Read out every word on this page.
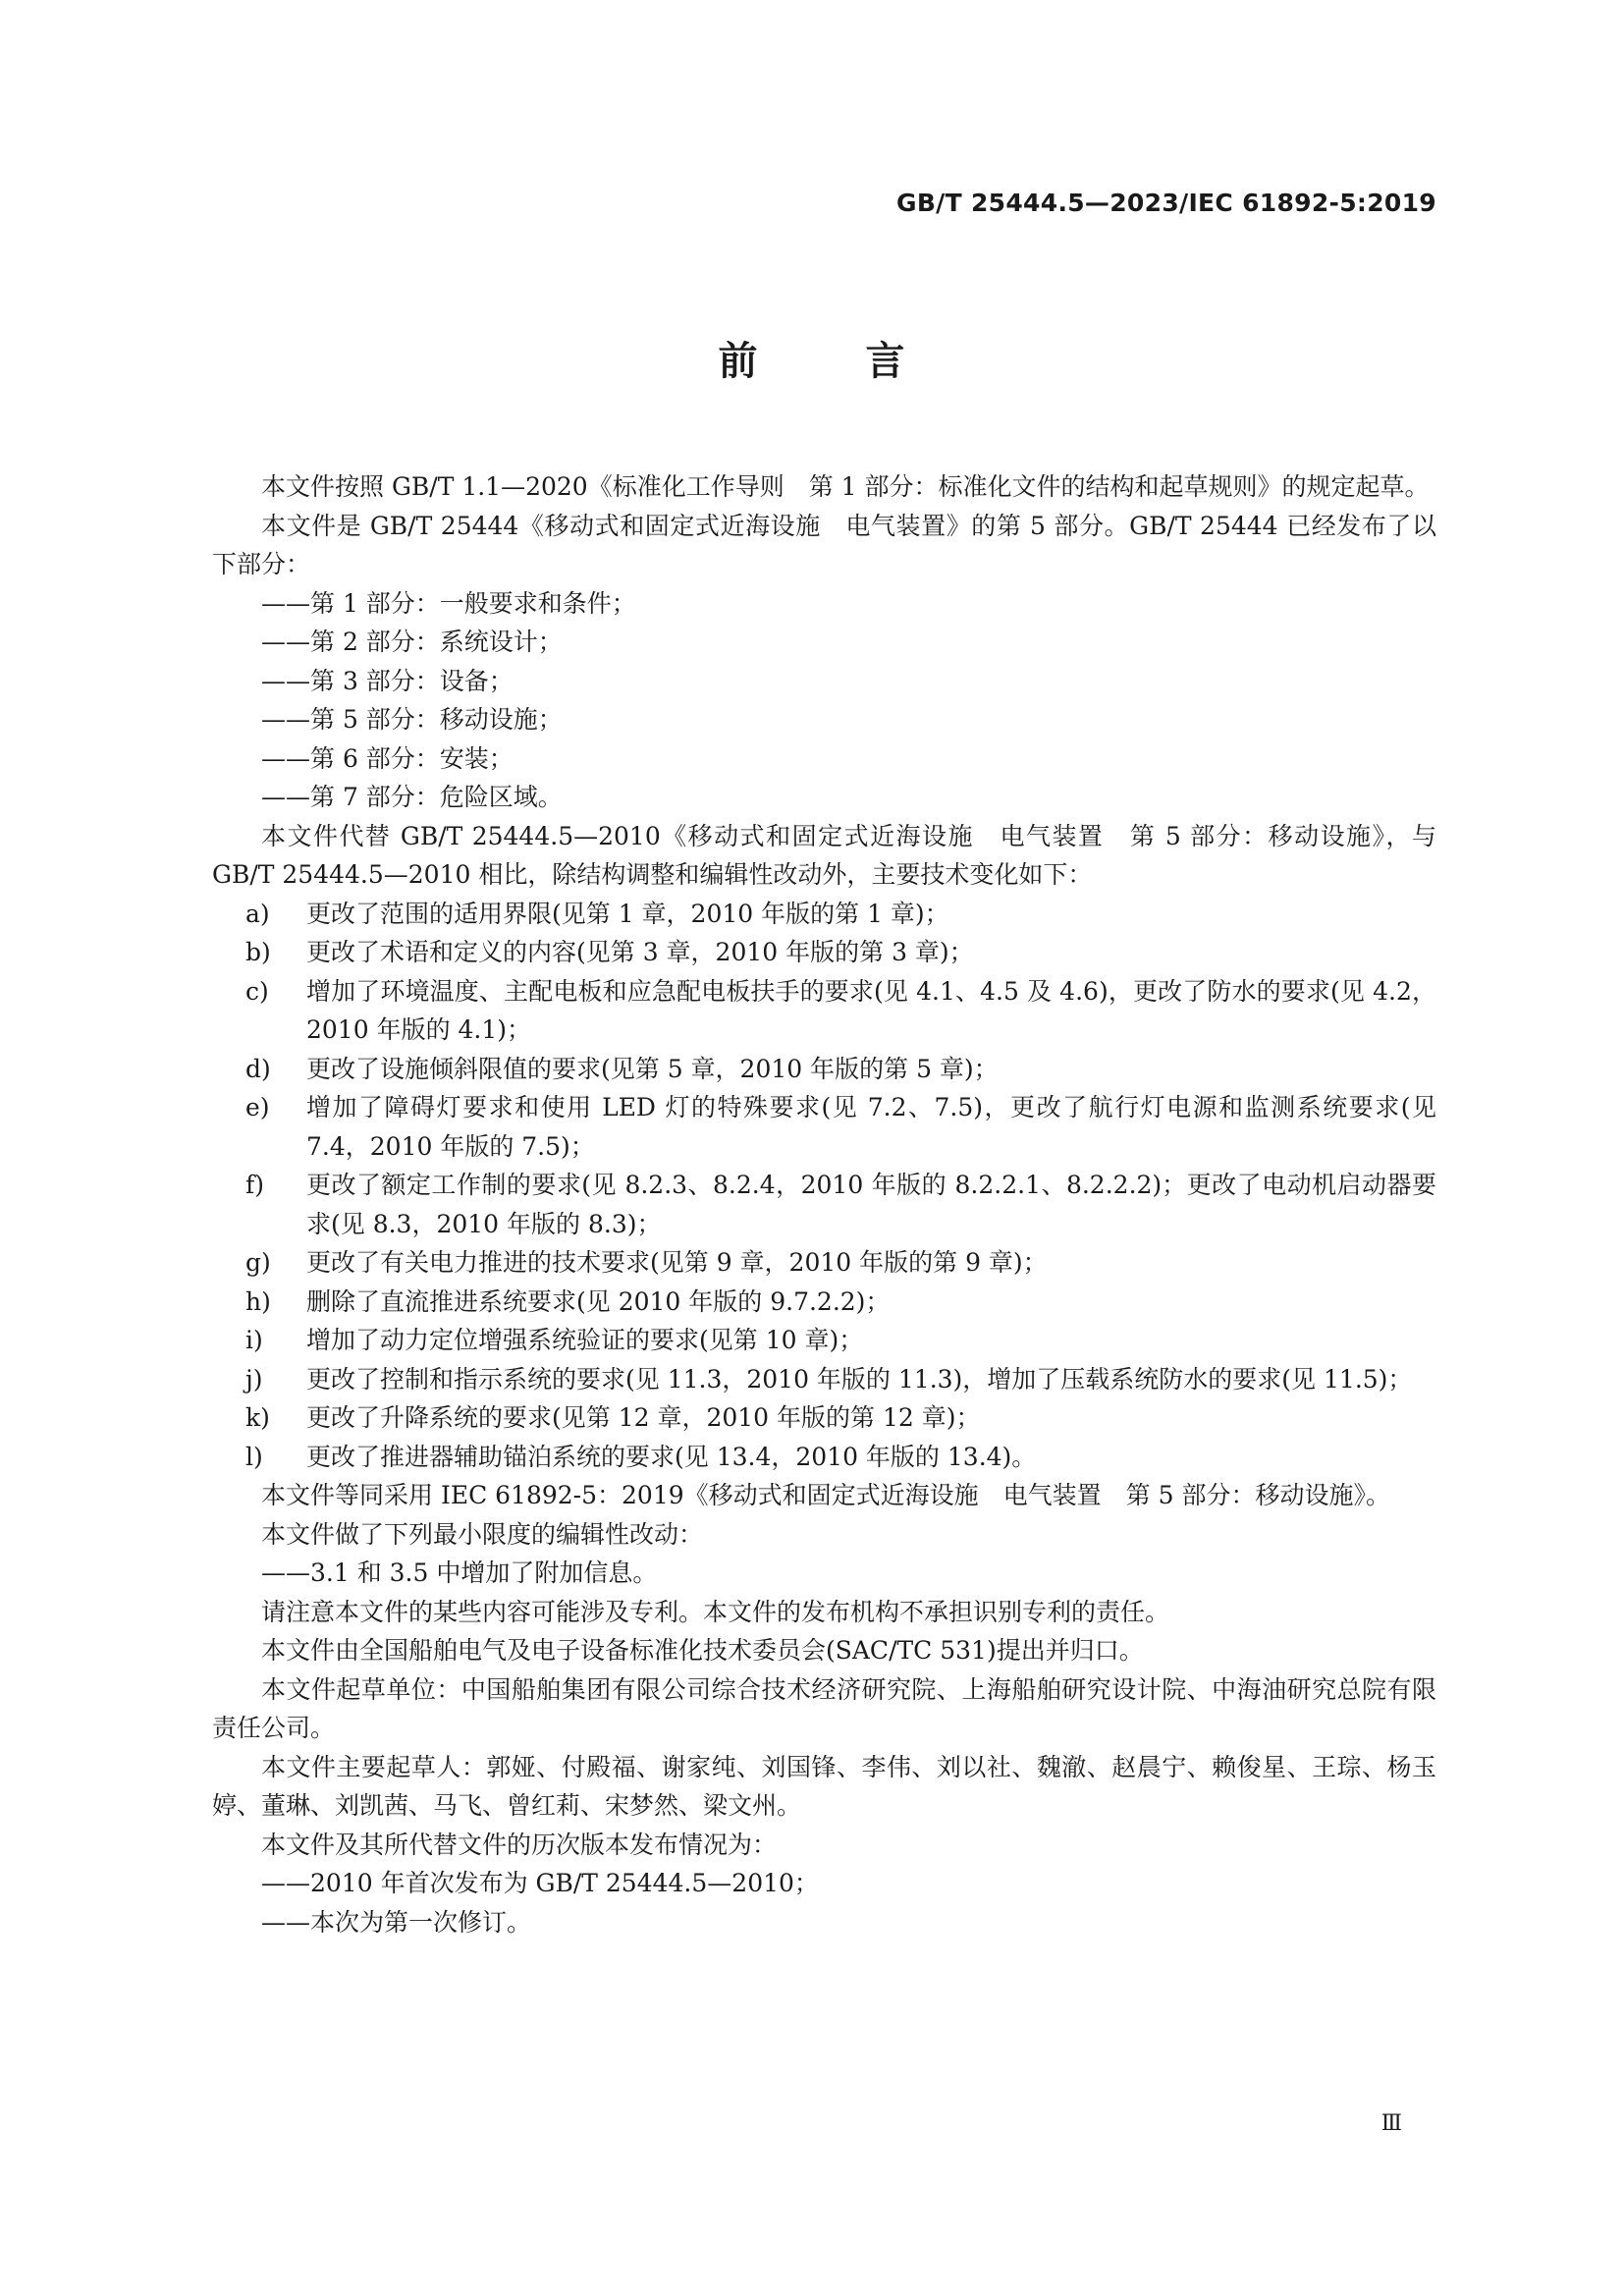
GB/T 25444.5—2023/IEC 61892-5:2019
前	言

本文件按照 GB/T 1.1—2020《标准化工作导则　第 1 部分：标准化文件的结构和起草规则》的规定起草。

本文件是 GB/T 25444《移动式和固定式近海设施　电气装置》的第 5 部分。GB/T 25444 已经发布了以下部分：

——第 1 部分：一般要求和条件；

——第 2 部分：系统设计；

——第 3 部分：设备；

——第 5 部分：移动设施；

——第 6 部分：安装；

——第 7 部分：危险区域。

本文件代替 GB/T 25444.5—2010《移动式和固定式近海设施　电气装置　第 5 部分：移动设施》，与 GB/T 25444.5—2010 相比，除结构调整和编辑性改动外，主要技术变化如下：

a) 更改了范围的适用界限(见第 1 章，2010 年版的第 1 章)；

b) 更改了术语和定义的内容(见第 3 章，2010 年版的第 3 章)；

c) 增加了环境温度、主配电板和应急配电板扶手的要求(见 4.1、4.5 及 4.6)，更改了防水的要求(见 4.2，2010 年版的 4.1)；

d) 更改了设施倾斜限值的要求(见第 5 章，2010 年版的第 5 章)；

e) 增加了障碍灯要求和使用 LED 灯的特殊要求(见 7.2、7.5)，更改了航行灯电源和监测系统要求(见 7.4，2010 年版的 7.5)；

f) 更改了额定工作制的要求(见 8.2.3、8.2.4，2010 年版的 8.2.2.1、8.2.2.2)；更改了电动机启动器要求(见 8.3，2010 年版的 8.3)；

g) 更改了有关电力推进的技术要求(见第 9 章，2010 年版的第 9 章)；

h) 删除了直流推进系统要求(见 2010 年版的 9.7.2.2)；

i) 增加了动力定位增强系统验证的要求(见第 10 章)；

j) 更改了控制和指示系统的要求(见 11.3，2010 年版的 11.3)，增加了压载系统防水的要求(见 11.5)；

k) 更改了升降系统的要求(见第 12 章，2010 年版的第 12 章)；

l) 更改了推进器辅助锚泊系统的要求(见 13.4，2010 年版的 13.4)。

本文件等同采用 IEC 61892-5：2019《移动式和固定式近海设施　电气装置　第 5 部分：移动设施》。

本文件做了下列最小限度的编辑性改动：

——3.1 和 3.5 中增加了附加信息。

请注意本文件的某些内容可能涉及专利。本文件的发布机构不承担识别专利的责任。

本文件由全国船舶电气及电子设备标准化技术委员会(SAC/TC 531)提出并归口。

本文件起草单位：中国船舶集团有限公司综合技术经济研究院、上海船舶研究设计院、中海油研究总院有限责任公司。

本文件主要起草人：郭娅、付殿福、谢家纯、刘国锋、李伟、刘以社、魏澈、赵晨宁、赖俊星、王琮、杨玉婷、董琳、刘凯茜、马飞、曾红莉、宋梦然、梁文州。

本文件及其所代替文件的历次版本发布情况为：

——2010 年首次发布为 GB/T 25444.5—2010；

——本次为第一次修订。

Ⅲ
